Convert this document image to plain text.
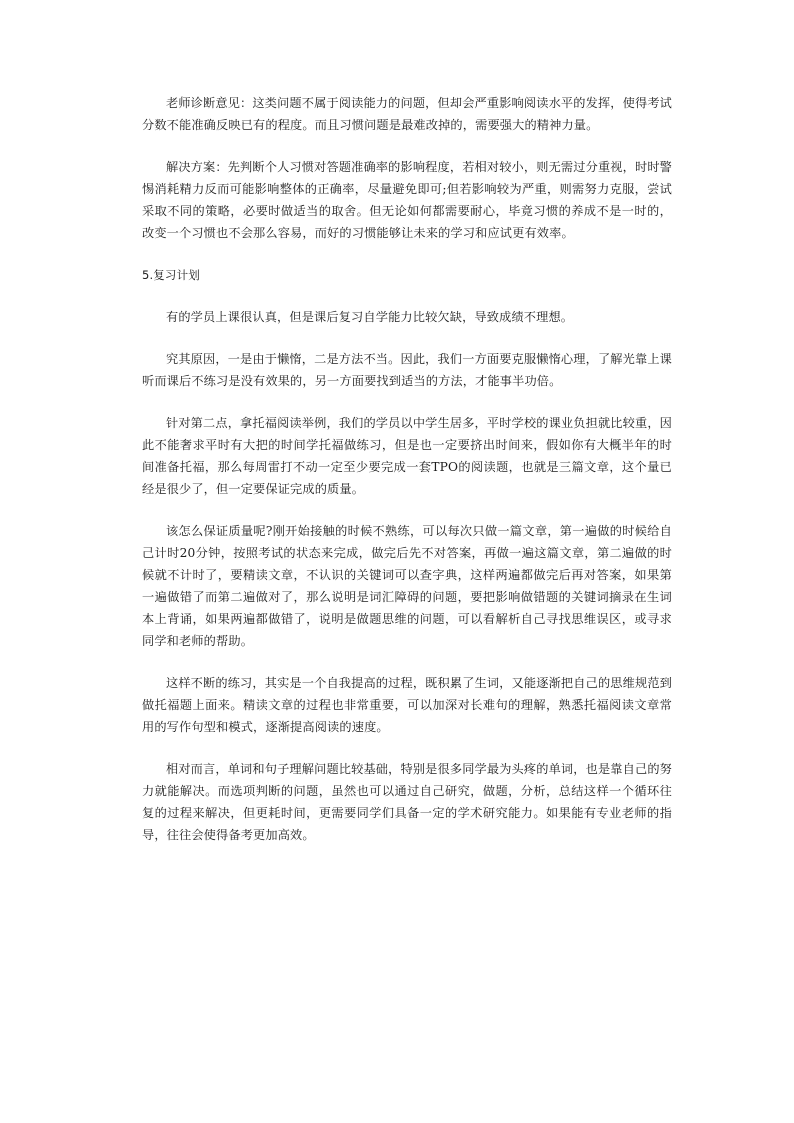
老师诊断意见：这类问题不属于阅读能力的问题，但却会严重影响阅读水平的发挥，使得考试分数不能准确反映已有的程度。而且习惯问题是最难改掉的，需要强大的精神力量。

解决方案：先判断个人习惯对答题准确率的影响程度，若相对较小，则无需过分重视，时时警惕消耗精力反而可能影响整体的正确率，尽量避免即可;但若影响较为严重，则需努力克服，尝试采取不同的策略，必要时做适当的取舍。但无论如何都需要耐心，毕竟习惯的养成不是一时的，改变一个习惯也不会那么容易，而好的习惯能够让未来的学习和应试更有效率。

5.复习计划

有的学员上课很认真，但是课后复习自学能力比较欠缺，导致成绩不理想。

究其原因，一是由于懒惰，二是方法不当。因此，我们一方面要克服懒惰心理，了解光靠上课听而课后不练习是没有效果的，另一方面要找到适当的方法，才能事半功倍。

针对第二点，拿托福阅读举例，我们的学员以中学生居多，平时学校的课业负担就比较重，因此不能奢求平时有大把的时间学托福做练习，但是也一定要挤出时间来，假如你有大概半年的时间准备托福，那么每周雷打不动一定至少要完成一套TPO的阅读题，也就是三篇文章，这个量已经是很少了，但一定要保证完成的质量。

该怎么保证质量呢?刚开始接触的时候不熟练，可以每次只做一篇文章，第一遍做的时候给自己计时20分钟，按照考试的状态来完成，做完后先不对答案，再做一遍这篇文章，第二遍做的时候就不计时了，要精读文章，不认识的关键词可以查字典，这样两遍都做完后再对答案，如果第一遍做错了而第二遍做对了，那么说明是词汇障碍的问题，要把影响做错题的关键词摘录在生词本上背诵，如果两遍都做错了，说明是做题思维的问题，可以看解析自己寻找思维误区，或寻求同学和老师的帮助。

这样不断的练习，其实是一个自我提高的过程，既积累了生词，又能逐渐把自己的思维规范到做托福题上面来。精读文章的过程也非常重要，可以加深对长难句的理解，熟悉托福阅读文章常用的写作句型和模式，逐渐提高阅读的速度。

相对而言，单词和句子理解问题比较基础，特别是很多同学最为头疼的单词，也是靠自己的努力就能解决。而选项判断的问题，虽然也可以通过自己研究，做题，分析，总结这样一个循环往复的过程来解决，但更耗时间，更需要同学们具备一定的学术研究能力。如果能有专业老师的指导，往往会使得备考更加高效。
